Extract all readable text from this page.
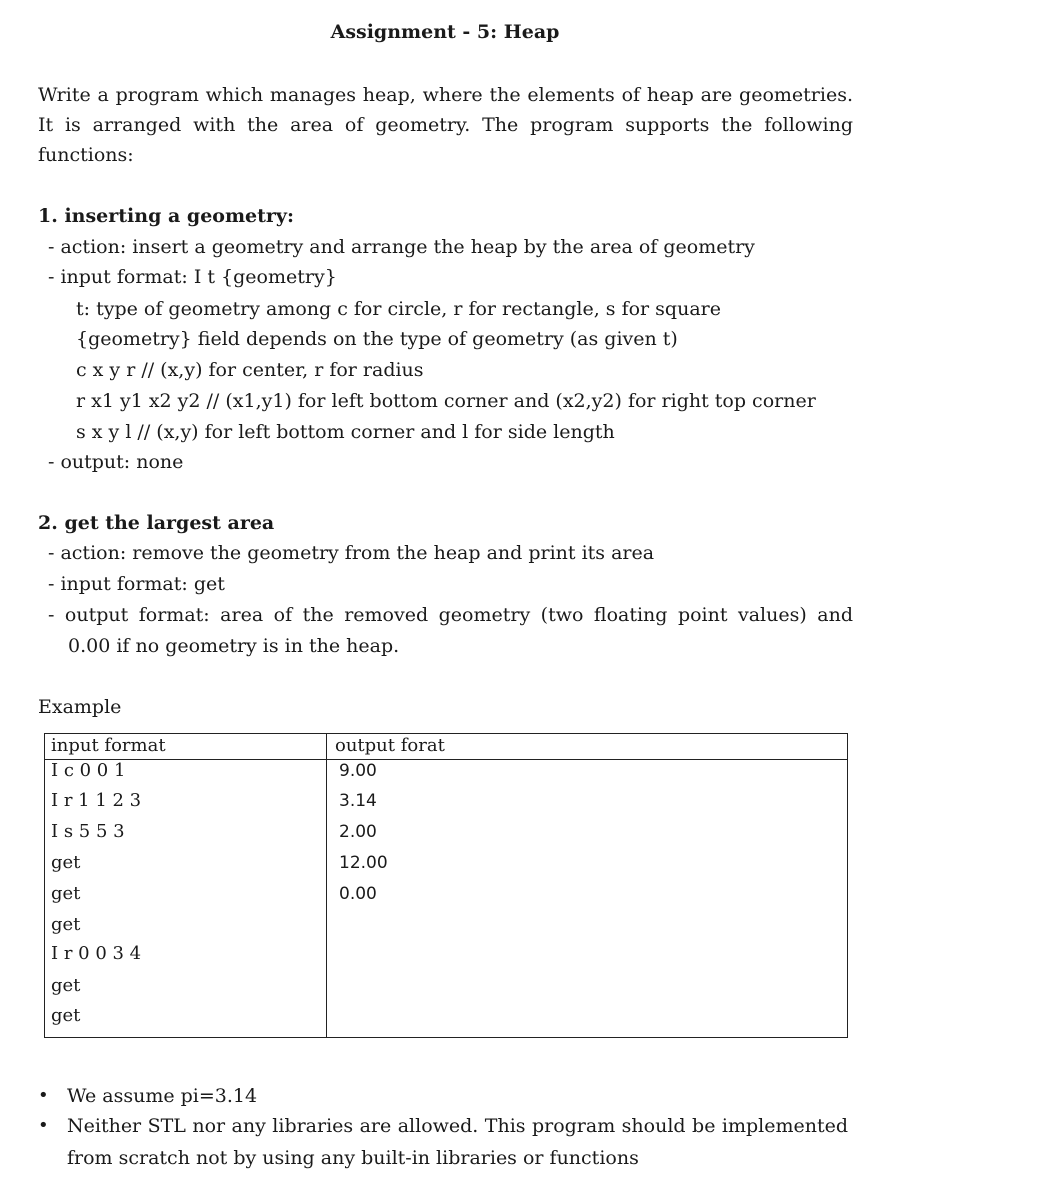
Assignment - 5: Heap
Write a program which manages heap, where the elements of heap are geometries.
It is arranged with the area of geometry. The program supports the following
functions:
1. inserting a geometry:
- action: insert a geometry and arrange the heap by the area of geometry
- input format: I t {geometry}
t: type of geometry among c for circle, r for rectangle, s for square
{geometry} field depends on the type of geometry (as given t)
c x y r // (x,y) for center, r for radius
r x1 y1 x2 y2 // (x1,y1) for left bottom corner and (x2,y2) for right top corner
s x y l // (x,y) for left bottom corner and l for side length
- output: none
2. get the largest area
- action: remove the geometry from the heap and print its area
- input format: get
- output format: area of the removed geometry (two floating point values) and
0.00 if no geometry is in the heap.
Example
input format	output forat
I c 0 0 1
I r 1 1 2 3
I s 5 5 3
get
get
get
I r 0 0 3 4
get
get
9.00
3.14
2.00
12.00
0.00
• We assume pi=3.14
• Neither STL nor any libraries are allowed. This program should be implemented
from scratch not by using any built-in libraries or functions
